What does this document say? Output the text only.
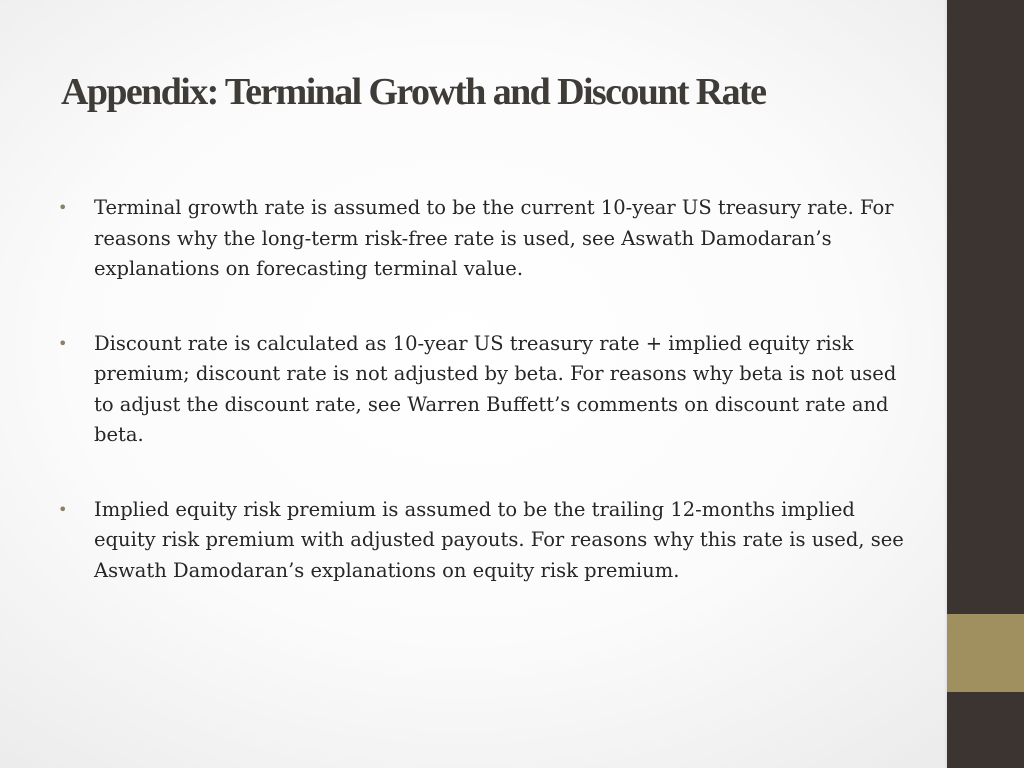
Appendix: Terminal Growth and Discount Rate
• Terminal growth rate is assumed to be the current 10-year US treasury rate. For reasons why the long-term risk-free rate is used, see Aswath Damodaran’s explanations on forecasting terminal value.
• Discount rate is calculated as 10-year US treasury rate + implied equity risk premium; discount rate is not adjusted by beta. For reasons why beta is not used to adjust the discount rate, see Warren Buffett’s comments on discount rate and beta.
• Implied equity risk premium is assumed to be the trailing 12-months implied equity risk premium with adjusted payouts. For reasons why this rate is used, see Aswath Damodaran’s explanations on equity risk premium.
